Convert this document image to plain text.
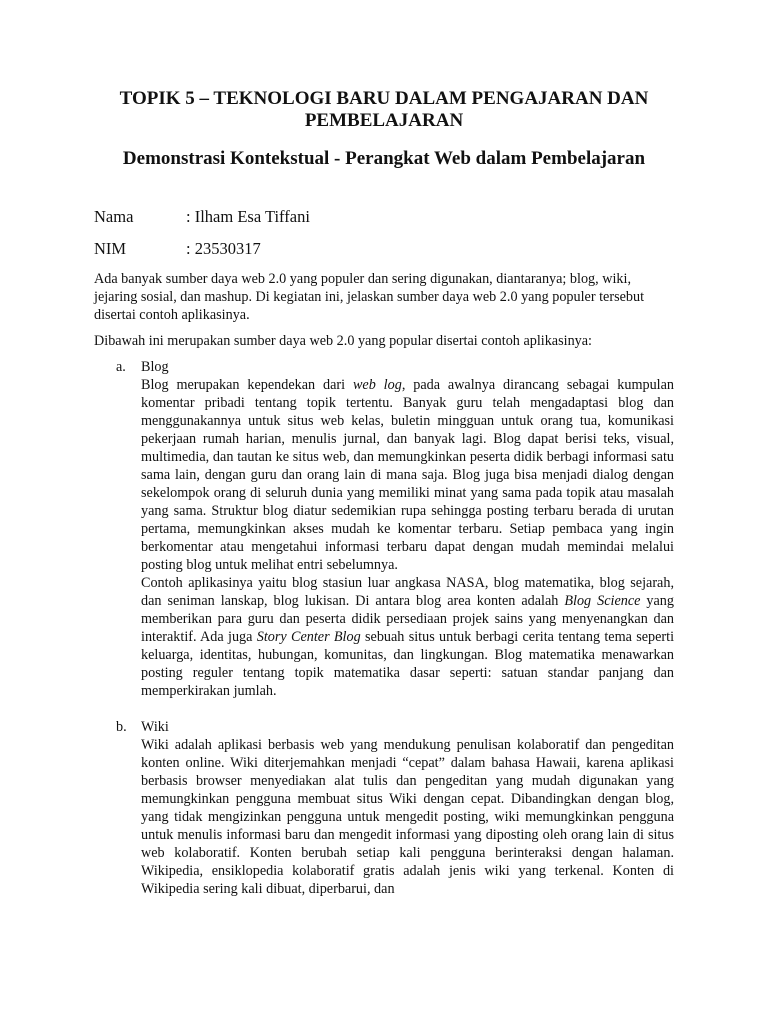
TOPIK 5 – TEKNOLOGI BARU DALAM PENGAJARAN DAN
PEMBELAJARAN
Demonstrasi Kontekstual - Perangkat Web dalam Pembelajaran
Nama	: Ilham Esa Tiffani
NIM	: 23530317

Ada banyak sumber daya web 2.0 yang populer dan sering digunakan, diantaranya; blog, wiki, jejaring sosial, dan mashup. Di kegiatan ini, jelaskan sumber daya web 2.0 yang populer tersebut disertai contoh aplikasinya.

Dibawah ini merupakan sumber daya web 2.0 yang popular disertai contoh aplikasinya:

a.	Blog

Blog merupakan kependekan dari web log, pada awalnya dirancang sebagai kumpulan komentar pribadi tentang topik tertentu. Banyak guru telah mengadaptasi blog dan menggunakannya untuk situs web kelas, buletin mingguan untuk orang tua, komunikasi pekerjaan rumah harian, menulis jurnal, dan banyak lagi. Blog dapat berisi teks, visual, multimedia, dan tautan ke situs web, dan memungkinkan peserta didik berbagi informasi satu sama lain, dengan guru dan orang lain di mana saja. Blog juga bisa menjadi dialog dengan sekelompok orang di seluruh dunia yang memiliki minat yang sama pada topik atau masalah yang sama. Struktur blog diatur sedemikian rupa sehingga posting terbaru berada di urutan pertama, memungkinkan akses mudah ke komentar terbaru. Setiap pembaca yang ingin berkomentar atau mengetahui informasi terbaru dapat dengan mudah memindai melalui posting blog untuk melihat entri sebelumnya.

Contoh aplikasinya yaitu blog stasiun luar angkasa NASA, blog matematika, blog sejarah, dan seniman lanskap, blog lukisan. Di antara blog area konten adalah Blog Science yang memberikan para guru dan peserta didik persediaan projek sains yang menyenangkan dan interaktif. Ada juga Story Center Blog sebuah situs untuk berbagi cerita tentang tema seperti keluarga, identitas, hubungan, komunitas, dan lingkungan. Blog matematika menawarkan posting reguler tentang topik matematika dasar seperti: satuan standar panjang dan memperkirakan jumlah.

b.	Wiki

Wiki adalah aplikasi berbasis web yang mendukung penulisan kolaboratif dan pengeditan konten online. Wiki diterjemahkan menjadi “cepat” dalam bahasa Hawaii, karena aplikasi berbasis browser menyediakan alat tulis dan pengeditan yang mudah digunakan yang memungkinkan pengguna membuat situs Wiki dengan cepat. Dibandingkan dengan blog, yang tidak mengizinkan pengguna untuk mengedit posting, wiki memungkinkan pengguna untuk menulis informasi baru dan mengedit informasi yang diposting oleh orang lain di situs web kolaboratif. Konten berubah setiap kali pengguna berinteraksi dengan halaman. Wikipedia, ensiklopedia kolaboratif gratis adalah jenis wiki yang terkenal. Konten di Wikipedia sering kali dibuat, diperbarui, dan
